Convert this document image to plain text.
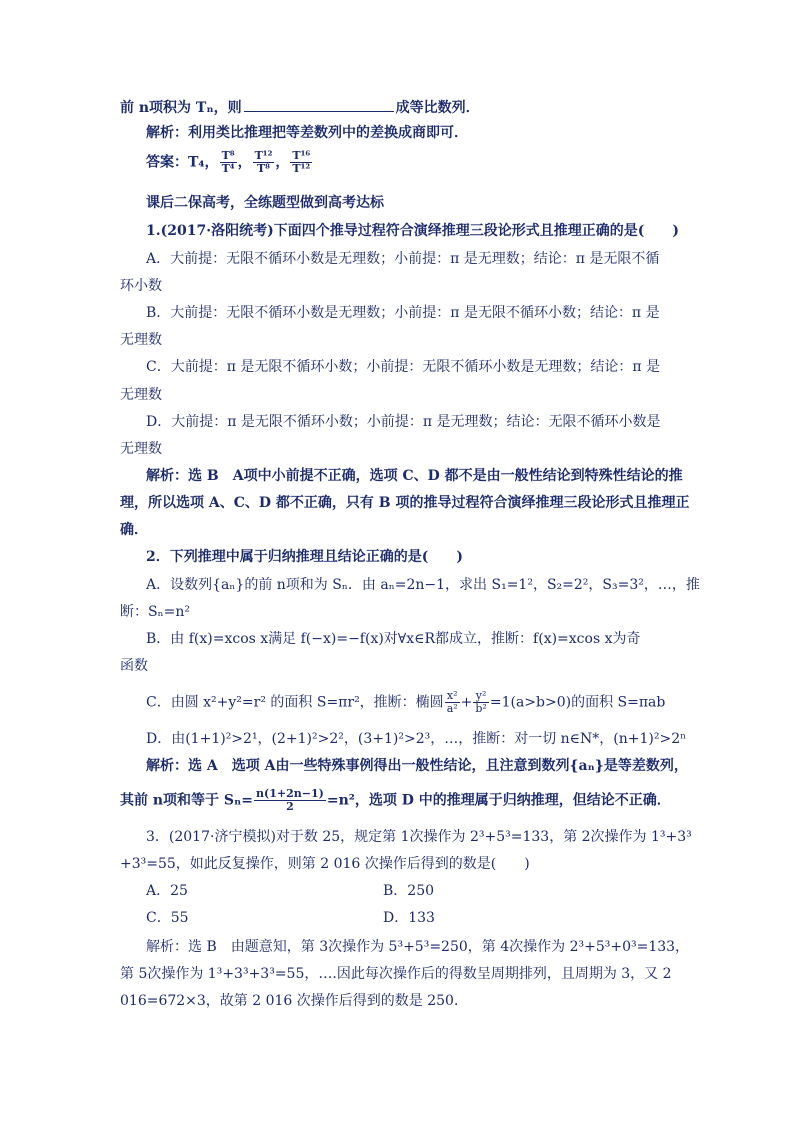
前 n项积为 Tₙ，则	成等比数列．
解析：利用类比推理把等差数列中的差换成商即可．
答案：T₄， $\frac{\text{T⁸}}{\text{T⁴}}$ ， $\frac{\text{T¹²}}{\text{T⁸}}$ ， $\frac{\text{T¹⁶}}{\text{T¹²}}$
课后二保高考，全练题型做到高考达标
1.(2017·洛阳统考)下面四个推导过程符合演绎推理三段论形式且推理正确的是(　　)
A．大前提：无限不循环小数是无理数；小前提：π 是无理数；结论：π 是无限不循
环小数
B．大前提：无限不循环小数是无理数；小前提：π 是无限不循环小数；结论：π 是
无理数
C．大前提：π 是无限不循环小数；小前提：无限不循环小数是无理数；结论：π 是
无理数
D．大前提：π 是无限不循环小数；小前提：π 是无理数；结论：无限不循环小数是
无理数
解析：选 B　A项中小前提不正确，选项 C、D 都不是由一般性结论到特殊性结论的推
理，所以选项 A、C、D 都不正确，只有 B 项的推导过程符合演绎推理三段论形式且推理正
确．
2．下列推理中属于归纳推理且结论正确的是(　　)
A．设数列{aₙ}的前 n项和为 Sₙ．由 aₙ=2n−1，求出 S₁=1²，S₂=2²，S₃=3²，…，推
断：Sₙ=n²
B．由 f(x)=xcos x满足 f(−x)=−f(x)对∀x∈R都成立，推断：f(x)=xcos x为奇
函数
C．由圆 x²+y²=r² 的面积 S=πr²，推断：椭圆 $\frac{\text{x²}}{\text{a²}} + \frac{\text{y²}}{\text{b²}} =1(a>b>0)$的面积 S=πab
D．由(1+1)²>2¹，(2+1)²>2²，(3+1)²>2³，…，推断：对一切 n∈N*，(n+1)²>2ⁿ
解析：选 A　选项 A由一些特殊事例得出一般性结论，且注意到数列{aₙ}是等差数列，
其前 n项和等于 $S_n= \frac{n(1+2n-1)}{2} =n^2$，选项 D 中的推理属于归纳推理，但结论不正确．
3．(2017·济宁模拟)对于数 25，规定第 1次操作为 2³+5³=133，第 2次操作为 1³+3³
+3³=55，如此反复操作，则第 2 016 次操作后得到的数是(　　)
A．25	B．250
C．55	D．133
解析：选 B　由题意知，第 3次操作为 5³+5³=250，第 4次操作为 2³+5³+0³=133，
第 5次操作为 1³+3³+3³=55，….因此每次操作后的得数呈周期排列，且周期为 3，又 2
016=672×3，故第 2 016 次操作后得到的数是 250．
